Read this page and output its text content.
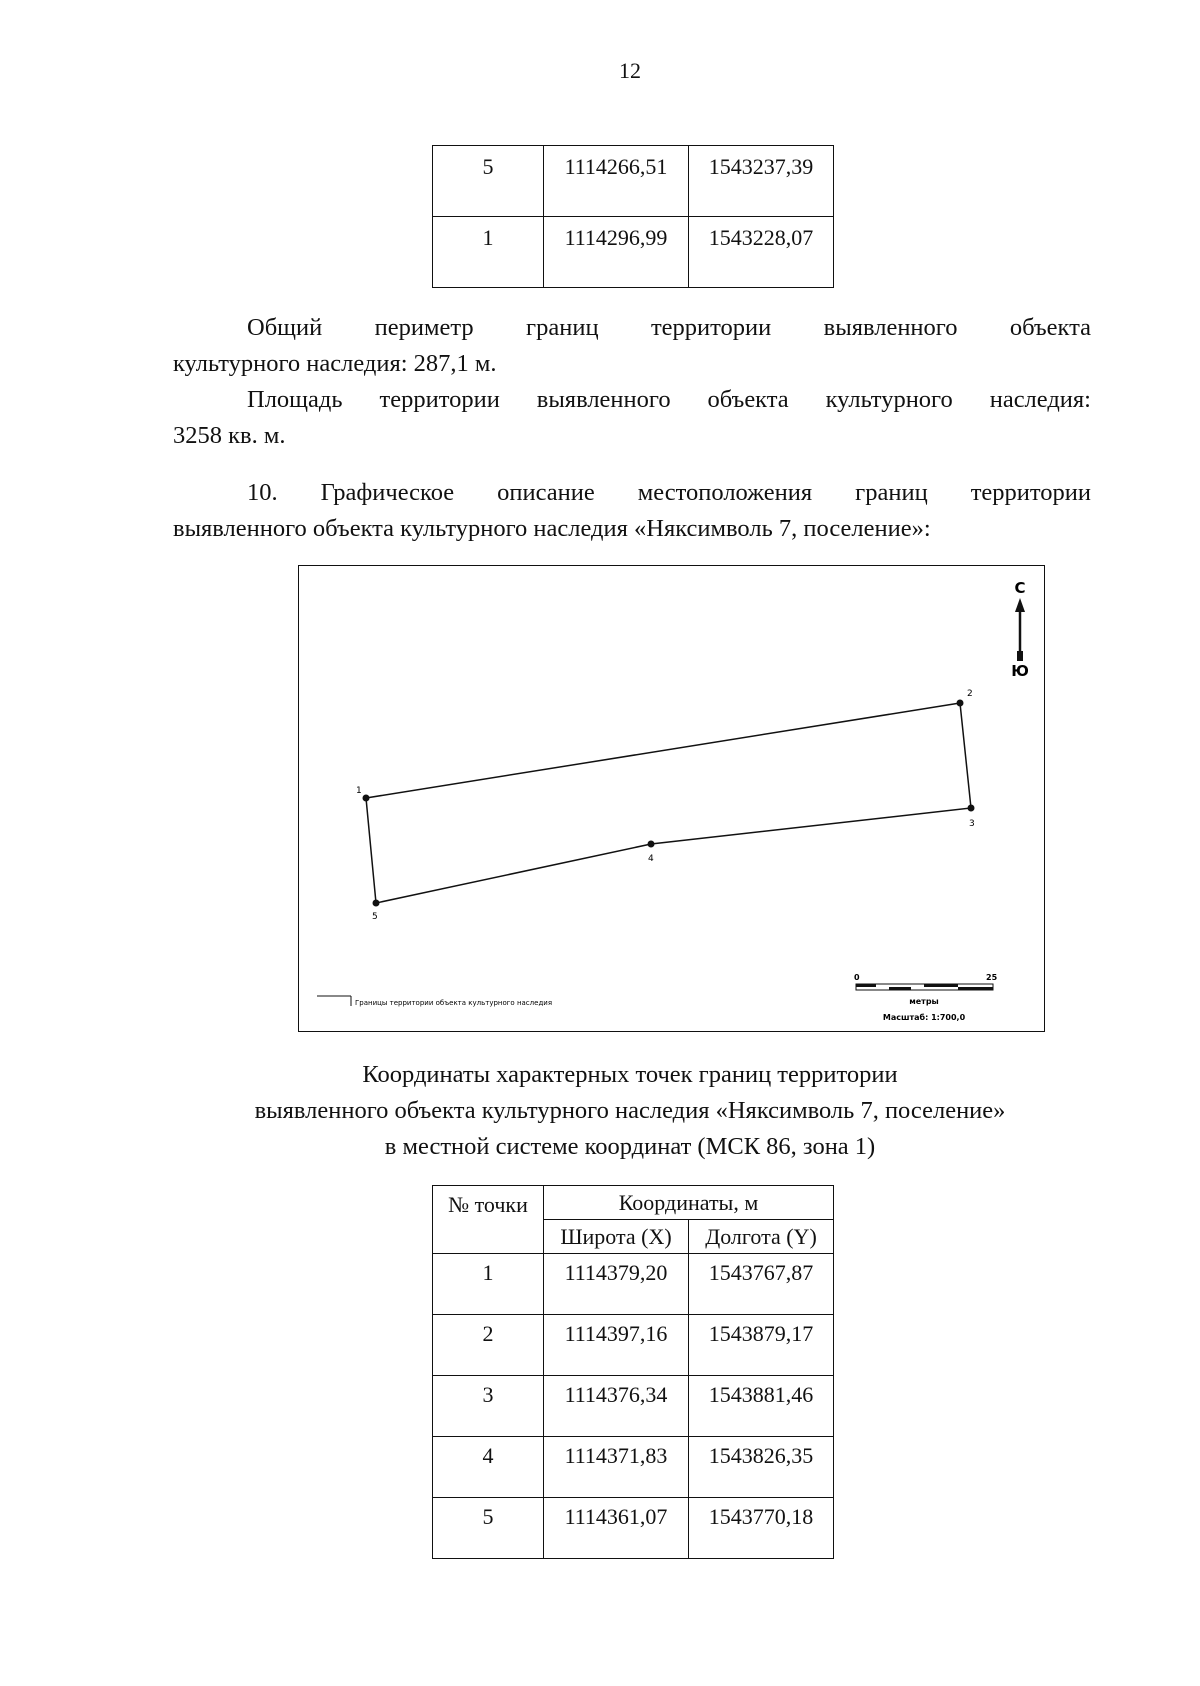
12
5	1114266,51	1543237,39
1	1114296,99	1543228,07
Общий периметр границ территории выявленного объекта
культурного наследия: 287,1 м.
Площадь территории выявленного объекта культурного наследия:
3258 кв. м.
10. Графическое описание местоположения границ территории
выявленного объекта культурного наследия «Няксимволь 7, поселение»:
С
Ю
1
2
3
4
5
Границы территории объекта культурного наследия
0	25
метры
Масштаб: 1:700,0
Координаты характерных точек границ территории
выявленного объекта культурного наследия «Няксимволь 7, поселение»
в местной системе координат (МСК 86, зона 1)
№ точки	Координаты, м	
	Широта (X)	Долгота (Y)
1	1114379,20	1543767,87
2	1114397,16	1543879,17
3	1114376,34	1543881,46
4	1114371,83	1543826,35
5	1114361,07	1543770,18
